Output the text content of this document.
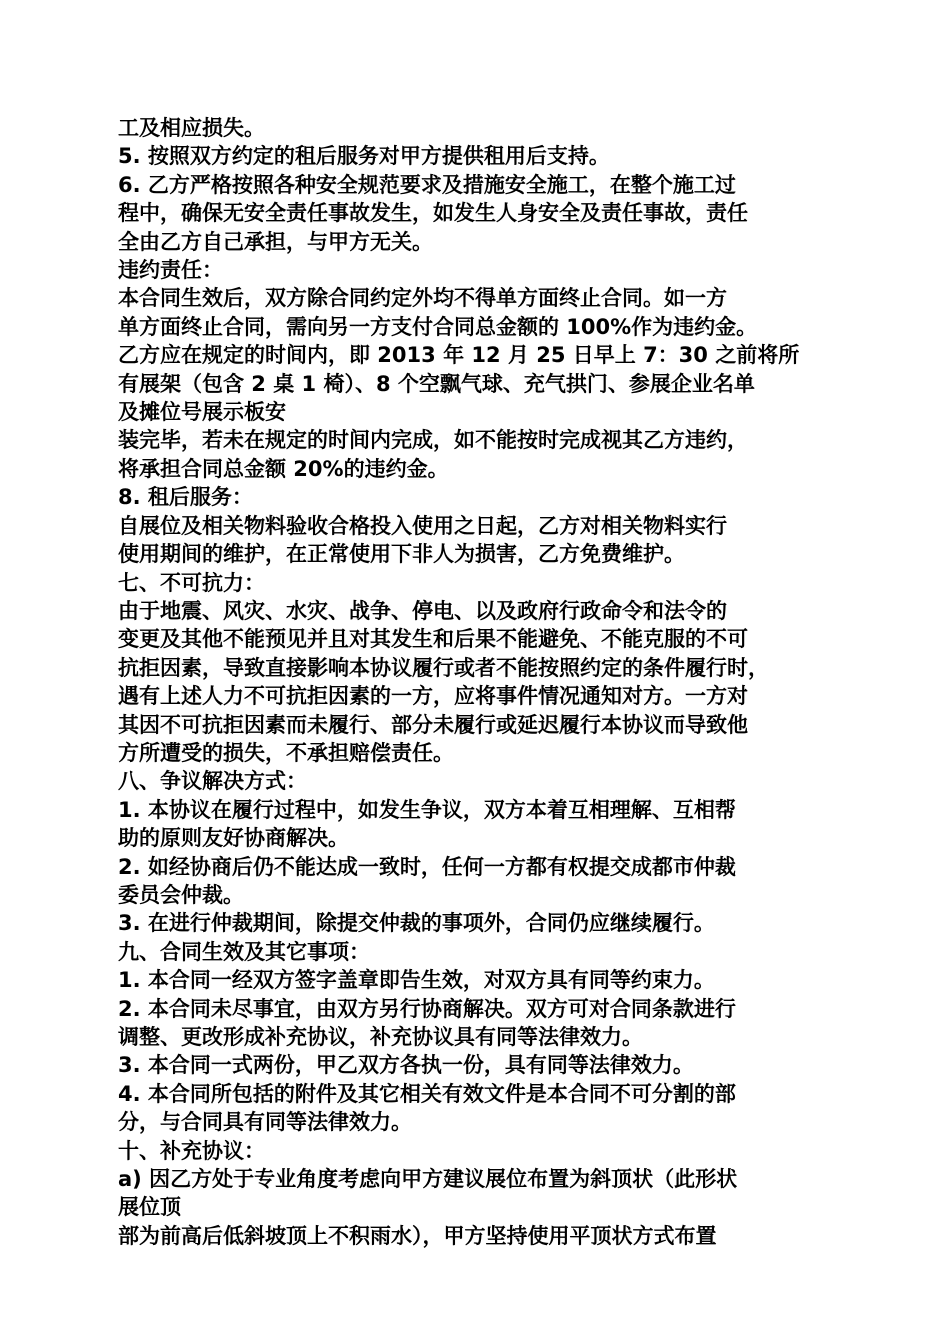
工及相应损失。
5. 按照双方约定的租后服务对甲方提供租用后支持。
6. 乙方严格按照各种安全规范要求及措施安全施工，在整个施工过
程中，确保无安全责任事故发生，如发生人身安全及责任事故，责任
全由乙方自己承担，与甲方无关。
违约责任：
本合同生效后，双方除合同约定外均不得单方面终止合同。如一方
单方面终止合同，需向另一方支付合同总金额的 100%作为违约金。
乙方应在规定的时间内，即 2013 年 12 月 25 日早上 7：30 之前将所
有展架（包含 2 桌 1 椅）、8 个空飘气球、充气拱门、参展企业名单
及摊位号展示板安
装完毕，若未在规定的时间内完成，如不能按时完成视其乙方违约，
将承担合同总金额 20%的违约金。
8. 租后服务：
自展位及相关物料验收合格投入使用之日起，乙方对相关物料实行
使用期间的维护，在正常使用下非人为损害，乙方免费维护。
七、不可抗力：
由于地震、风灾、水灾、战争、停电、以及政府行政命令和法令的
变更及其他不能预见并且对其发生和后果不能避免、不能克服的不可
抗拒因素，导致直接影响本协议履行或者不能按照约定的条件履行时，
遇有上述人力不可抗拒因素的一方，应将事件情况通知对方。一方对
其因不可抗拒因素而未履行、部分未履行或延迟履行本协议而导致他
方所遭受的损失，不承担赔偿责任。
八、争议解决方式：
1. 本协议在履行过程中，如发生争议，双方本着互相理解、互相帮
助的原则友好协商解决。
2. 如经协商后仍不能达成一致时，任何一方都有权提交成都市仲裁
委员会仲裁。
3. 在进行仲裁期间，除提交仲裁的事项外，合同仍应继续履行。
九、合同生效及其它事项：
1. 本合同一经双方签字盖章即告生效，对双方具有同等约束力。
2. 本合同未尽事宜，由双方另行协商解决。双方可对合同条款进行
调整、更改形成补充协议，补充协议具有同等法律效力。
3. 本合同一式两份，甲乙双方各执一份，具有同等法律效力。
4. 本合同所包括的附件及其它相关有效文件是本合同不可分割的部
分，与合同具有同等法律效力。
十、补充协议：
a) 因乙方处于专业角度考虑向甲方建议展位布置为斜顶状（此形状
展位顶
部为前高后低斜坡顶上不积雨水），甲方坚持使用平顶状方式布置
